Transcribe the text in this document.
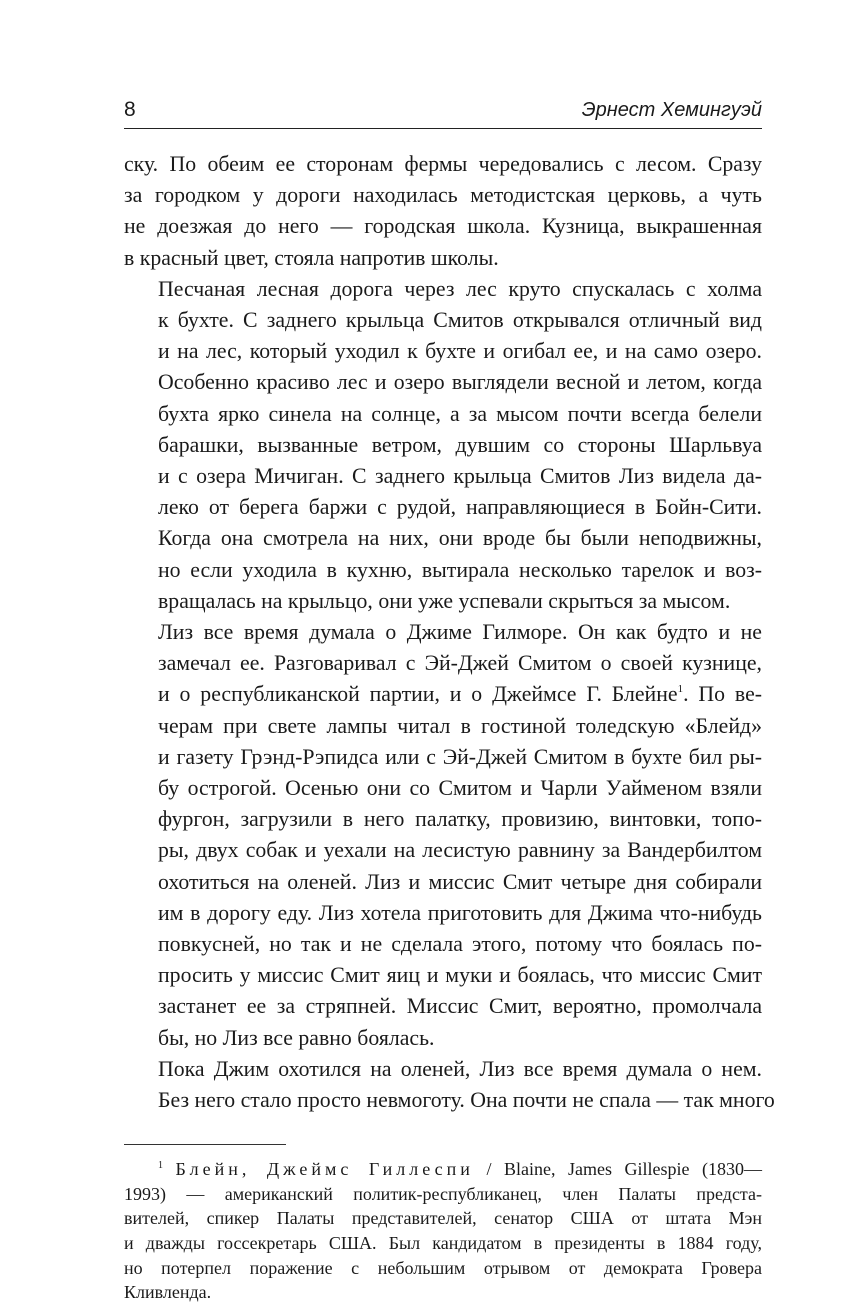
8	Эрнест Хемингуэй

ску. По обеим ее сторонам фермы чередовались с лесом. Сразу
за городком у дороги находилась методистская церковь, а чуть
не доезжая до него — городская школа. Кузница, выкрашенная
в красный цвет, стояла напротив школы.

Песчаная лесная дорога через лес круто спускалась с холма
к бухте. С заднего крыльца Смитов открывался отличный вид
и на лес, который уходил к бухте и огибал ее, и на само озеро.
Особенно красиво лес и озеро выглядели весной и летом, когда
бухта ярко синела на солнце, а за мысом почти всегда белели
барашки, вызванные ветром, дувшим со стороны Шарльвуа
и с озера Мичиган. С заднего крыльца Смитов Лиз видела да-
леко от берега баржи с рудой, направляющиеся в Бойн-Сити.
Когда она смотрела на них, они вроде бы были неподвижны,
но если уходила в кухню, вытирала несколько тарелок и воз-
вращалась на крыльцо, они уже успевали скрыться за мысом.

Лиз все время думала о Джиме Гилморе. Он как будто и не
замечал ее. Разговаривал с Эй-Джей Смитом о своей кузнице,
и о республиканской партии, и о Джеймсе Г. Блейне$^1$. По ве-
черам при свете лампы читал в гостиной толедскую «Блейд»
и газету Грэнд-Рэпидса или с Эй-Джей Смитом в бухте бил ры-
бу острогой. Осенью они со Смитом и Чарли Уайменом взяли
фургон, загрузили в него палатку, провизию, винтовки, топо-
ры, двух собак и уехали на лесистую равнину за Вандербилтом
охотиться на оленей. Лиз и миссис Смит четыре дня собирали
им в дорогу еду. Лиз хотела приготовить для Джима что-нибудь
повкусней, но так и не сделала этого, потому что боялась по-
просить у миссис Смит яиц и муки и боялась, что миссис Смит
застанет ее за стряпней. Миссис Смит, вероятно, промолчала
бы, но Лиз все равно боялась.

Пока Джим охотился на оленей, Лиз все время думала о нем.
Без него стало просто невмоготу. Она почти не спала — так много

$^1$ Блейн, Джеймс Гиллеспи / Blaine, James Gillespie (1830—
1993) — американский политик-республиканец, член Палаты предста-
вителей, спикер Палаты представителей, сенатор США от штата Мэн
и дважды госсекретарь США. Был кандидатом в президенты в 1884 году,
но потерпел поражение с небольшим отрывом от демократа Гровера
Кливленда.
